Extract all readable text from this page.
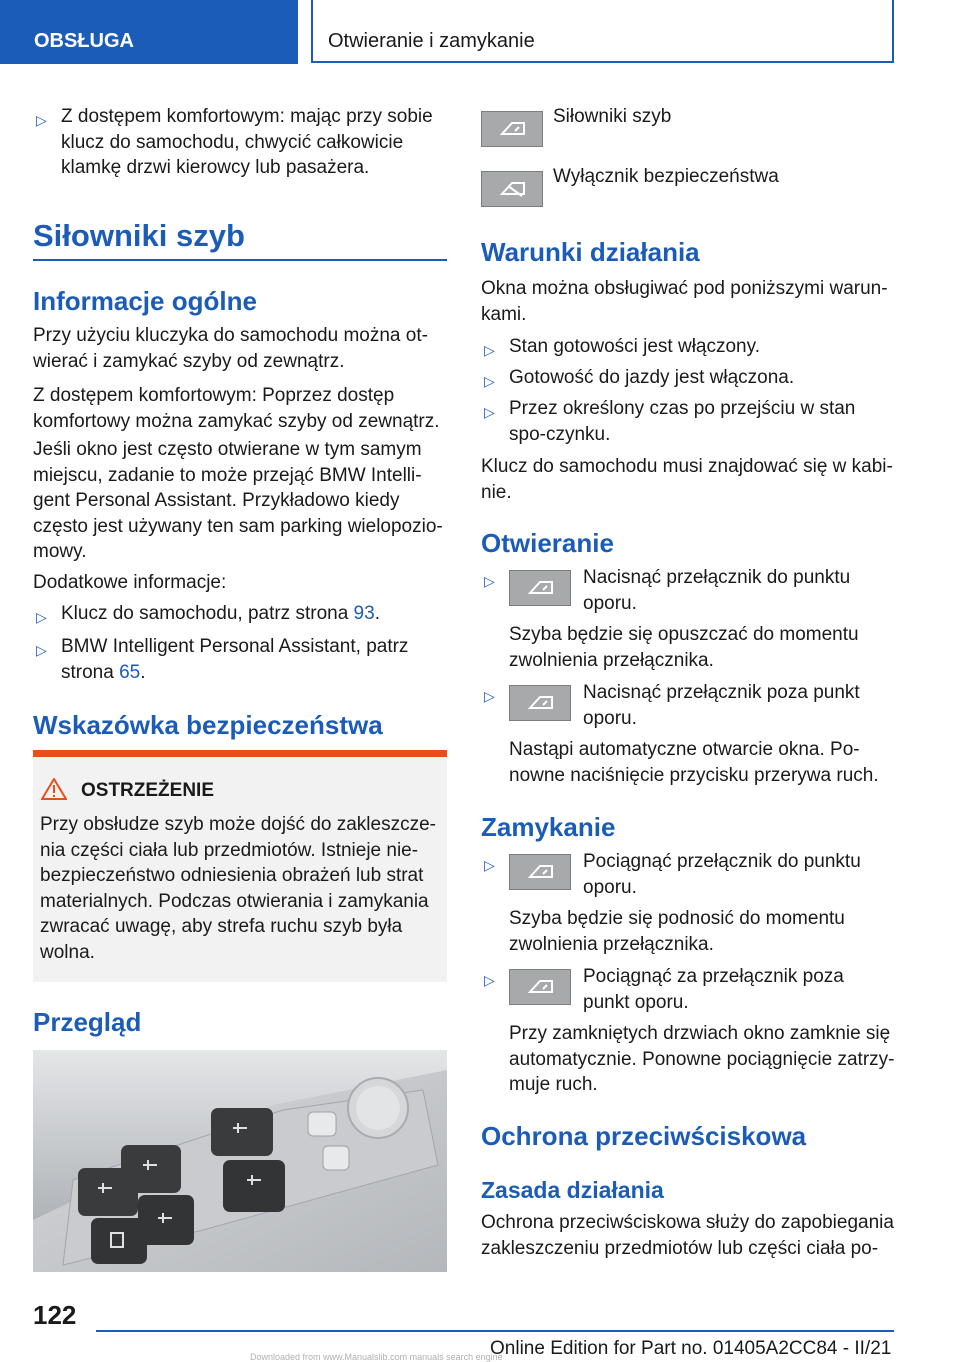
OBSŁUGA	Otwieranie i zamykanie
▷ Z dostępem komfortowym: mając przy sobie klucz do samochodu, chwycić całkowicie klamkę drzwi kierowcy lub pasażera.
Siłowniki szyb
Informacje ogólne
Przy użyciu kluczyka do samochodu można ot-wierać i zamykać szyby od zewnątrz.
Z dostępem komfortowym: Poprzez dostęp komfortowy można zamykać szyby od zewnątrz.
Jeśli okno jest często otwierane w tym samym miejscu, zadanie to może przejąć BMW Intelli-gent Personal Assistant. Przykładowo kiedy często jest używany ten sam parking wielopozio-mowy.
Dodatkowe informacje:
▷ Klucz do samochodu, patrz strona 93.
▷ BMW Intelligent Personal Assistant, patrz strona 65.
Wskazówka bezpieczeństwa
OSTRZEŻENIE
Przy obsłudze szyb może dojść do zakleszcze-nia części ciała lub przedmiotów. Istnieje nie-bezpieczeństwo odniesienia obrażeń lub strat materialnych. Podczas otwierania i zamykania zwracać uwagę, aby strefa ruchu szyb była wolna.
Przegląd
Siłowniki szyb
Wyłącznik bezpieczeństwa
Warunki działania
Okna można obsługiwać pod poniższymi warun-kami.
▷ Stan gotowości jest włączony.
▷ Gotowość do jazdy jest włączona.
▷ Przez określony czas po przejściu w stan spo-czynku.
Klucz do samochodu musi znajdować się w kabi-nie.
Otwieranie
▷	Nacisnąć przełącznik do punktu oporu.
Szyba będzie się opuszczać do momentu zwolnienia przełącznika.
▷	Nacisnąć przełącznik poza punkt oporu.
Nastąpi automatyczne otwarcie okna. Po-nowne naciśnięcie przycisku przerywa ruch.
Zamykanie
▷	Pociągnąć przełącznik do punktu oporu.
Szyba będzie się podnosić do momentu zwolnienia przełącznika.
▷	Pociągnąć za przełącznik poza punkt oporu.
Przy zamkniętych drzwiach okno zamknie się automatycznie. Ponowne pociągnięcie zatrzy-muje ruch.
Ochrona przeciwściskowa
Zasada działania
Ochrona przeciwściskowa służy do zapobiegania zakleszczeniu przedmiotów lub części ciała po-
122
Online Edition for Part no. 01405A2CC84 - II/21
Downloaded from www.Manualslib.com manuals search engine
